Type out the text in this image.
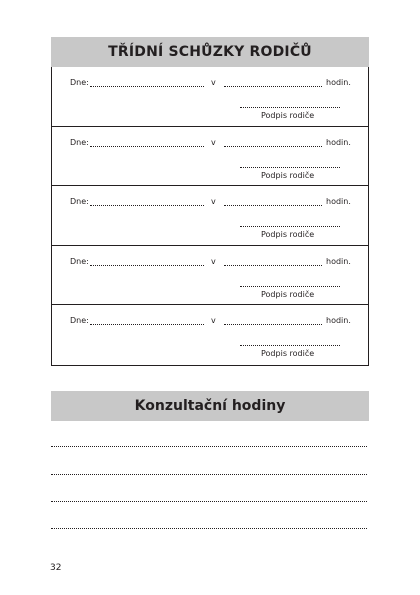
TŘÍDNÍ SCHŮZKY RODIČŮ
Dne:	v	hodin.
Podpis rodiče
Dne:	v	hodin.
Podpis rodiče
Dne:	v	hodin.
Podpis rodiče
Dne:	v	hodin.
Podpis rodiče
Dne:	v	hodin.
Podpis rodiče
Konzultační hodiny
32
